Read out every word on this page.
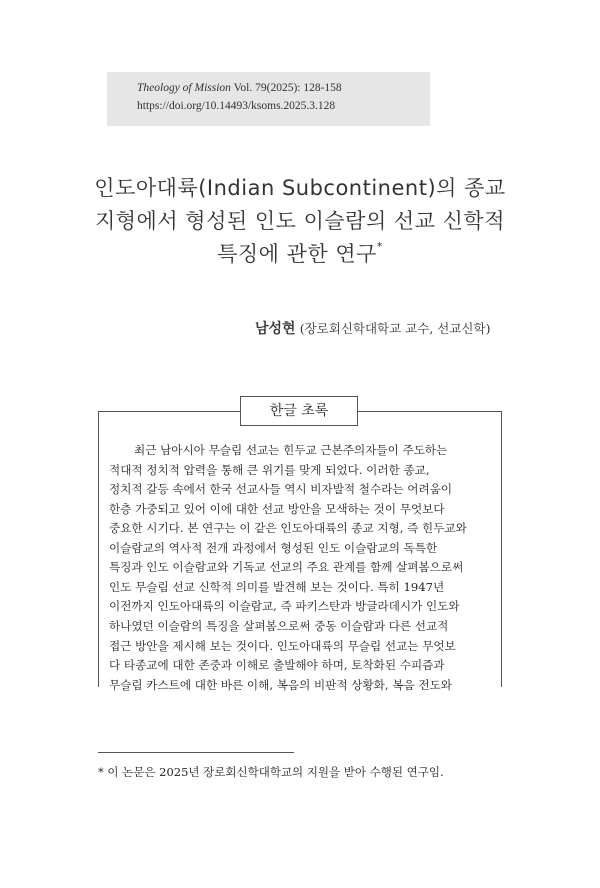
Theology of Mission Vol. 79(2025): 128-158
https://doi.org/10.14493/ksoms.2025.3.128
인도아대륙(Indian Subcontinent)의 종교
지형에서 형성된 인도 이슬람의 선교 신학적
특징에 관한 연구*
남성현 (장로회신학대학교 교수, 선교신학)
한글 초록
최근 남아시아 무슬림 선교는 힌두교 근본주의자들이 주도하는
적대적 정치적 압력을 통해 큰 위기를 맞게 되었다. 이러한 종교,
정치적 갈등 속에서 한국 선교사들 역시 비자발적 철수라는 어려움이
한층 가중되고 있어 이에 대한 선교 방안을 모색하는 것이 무엇보다
중요한 시기다. 본 연구는 이 같은 인도아대륙의 종교 지형, 즉 힌두교와
이슬람교의 역사적 전개 과정에서 형성된 인도 이슬람교의 독특한
특징과 인도 이슬람교와 기독교 선교의 주요 관계를 함께 살펴봄으로써
인도 무슬림 선교 신학적 의미를 발견해 보는 것이다. 특히 1947년
이전까지 인도아대륙의 이슬람교, 즉 파키스탄과 방글라데시가 인도와
하나였던 이슬람의 특징을 살펴봄으로써 중동 이슬람과 다른 선교적
접근 방안을 제시해 보는 것이다. 인도아대륙의 무슬림 선교는 무엇보
다 타종교에 대한 존중과 이해로 출발해야 하며, 토착화된 수피즘과
무슬림 카스트에 대한 바른 이해, 복음의 비판적 상황화, 복음 전도와
* 이 논문은 2025년 장로회신학대학교의 지원을 받아 수행된 연구임.
